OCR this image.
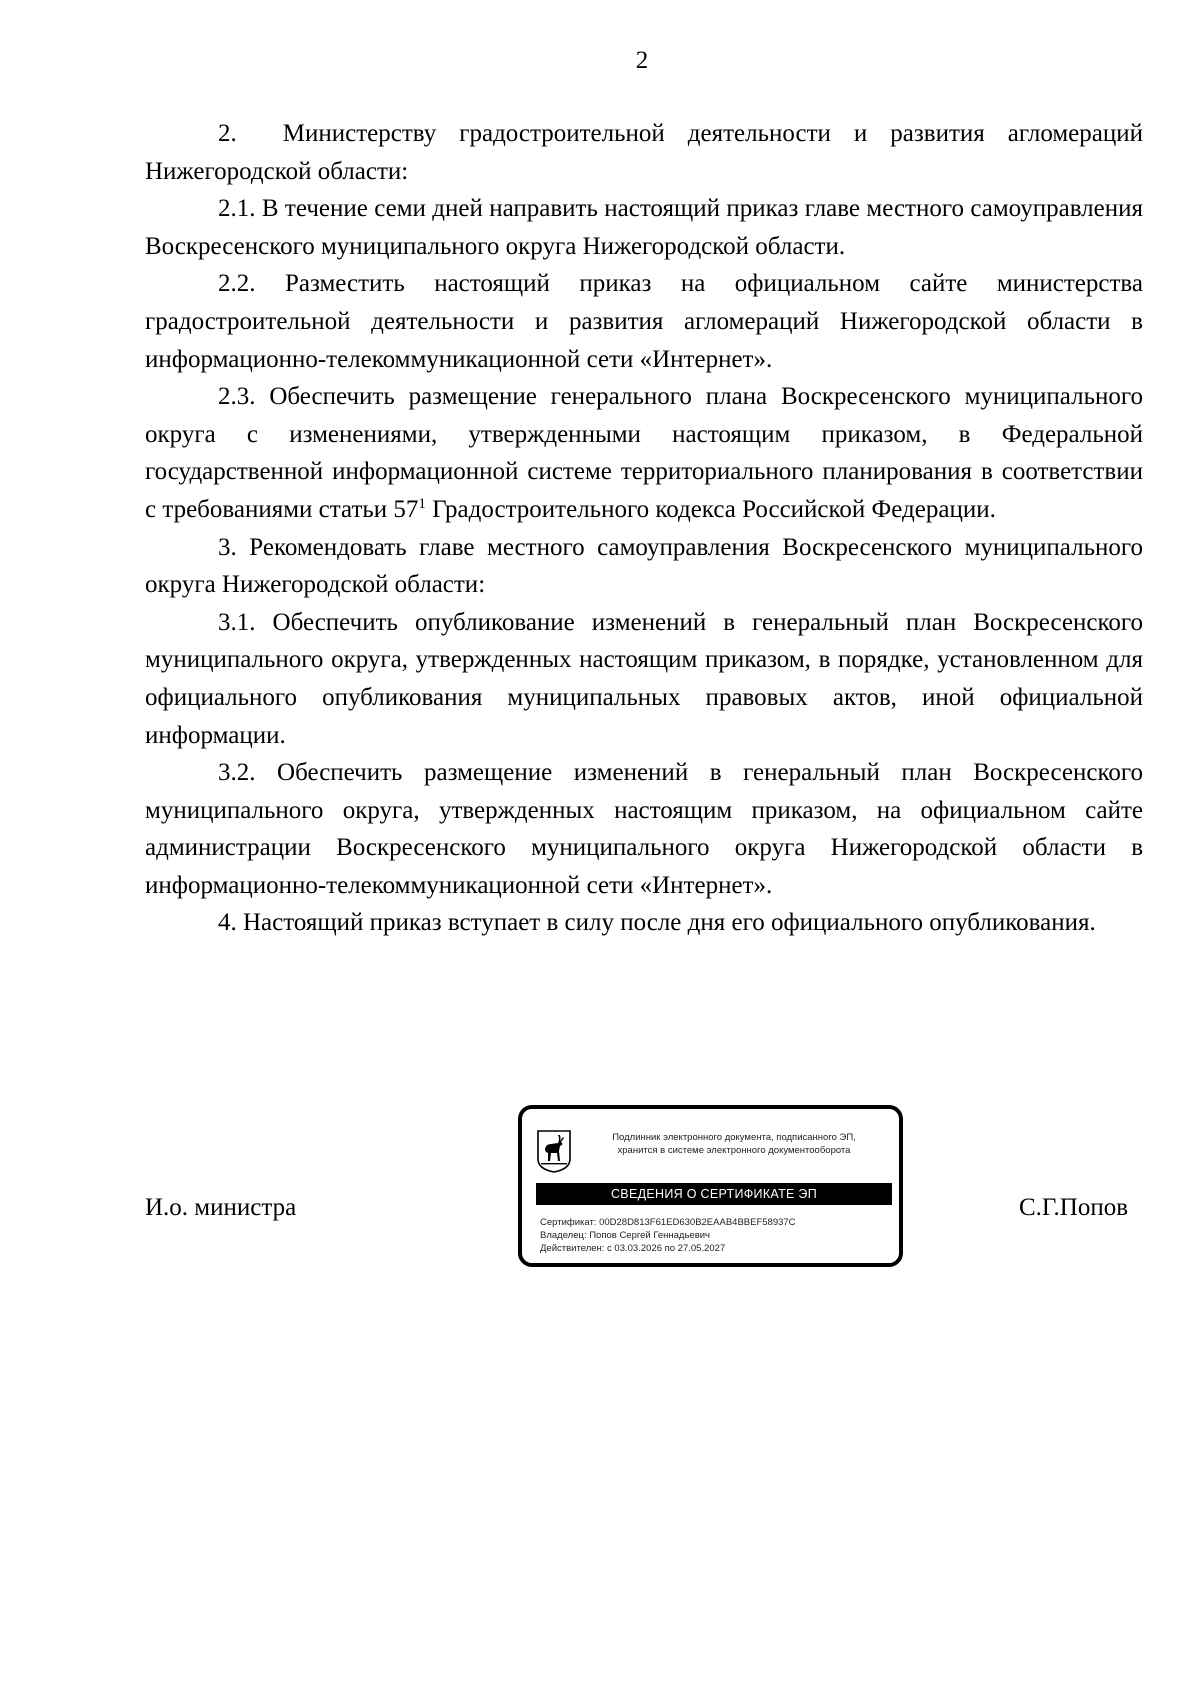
2

2.  Министерству градостроительной деятельности и развития агломераций Нижегородской области:

2.1. В течение семи дней направить настоящий приказ главе местного самоуправления Воскресенского муниципального округа Нижегородской области.

2.2. Разместить настоящий приказ на официальном сайте министерства градостроительной деятельности и развития агломераций Нижегородской области в информационно-телекоммуникационной сети «Интернет».

2.3. Обеспечить размещение генерального плана Воскресенского муниципального округа с изменениями, утвержденными настоящим приказом, в Федеральной государственной информационной системе территориального планирования в соответствии с требованиями статьи $57^1$ Градостроительного кодекса Российской Федерации.

3. Рекомендовать главе местного самоуправления Воскресенского муниципального округа Нижегородской области:

3.1. Обеспечить опубликование изменений в генеральный план Воскресенского муниципального округа, утвержденных настоящим приказом, в порядке, установленном для официального опубликования муниципальных правовых актов, иной официальной информации.

3.2. Обеспечить размещение изменений в генеральный план Воскресенского муниципального округа, утвержденных настоящим приказом, на официальном сайте администрации Воскресенского муниципального округа Нижегородской области в информационно-телекоммуникационной сети «Интернет».

4. Настоящий приказ вступает в силу после дня его официального опубликования.

И.о. министра	С.Г.Попов
Подлинник электронного документа, подписанного ЭП,
хранится в системе электронного документооборота
СВЕДЕНИЯ О СЕРТИФИКАТЕ ЭП
Сертификат: 00D28D813F61ED630B2EAAB4BBEF58937C
Владелец: Попов Сергей Геннадьевич
Действителен: с 03.03.2026 по 27.05.2027
